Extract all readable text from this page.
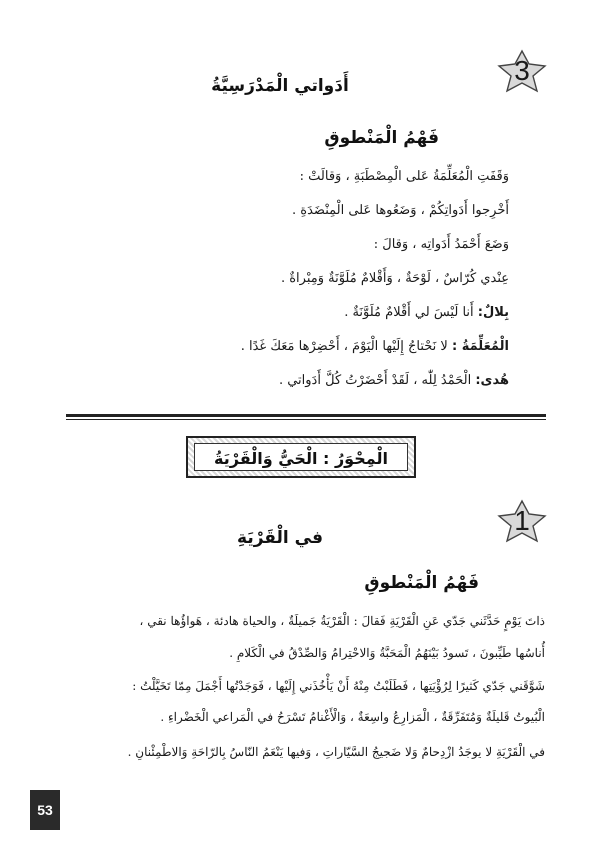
3
أَدَواتي الْمَدْرَسِيَّةُ
فَهْمُ الْمَنْطوقِ
وَقَفَتِ الْمُعَلِّمَةُ عَلى الْمِصْطَبَةِ ، وَقالَتْ :
أَخْرِجوا أَدَواتِكُمْ ، وَضَعُوها عَلى الْمِنْضَدَةِ .
وَضَعَ أَحْمَدُ أَدَواتِه ، وَقالَ :
عِنْدي كُرّاسٌ ، لَوْحَةٌ ، وَأَقْلامٌ مُلَوَّنَةٌ وَمِبْراةٌ .
بِلالٌ: أَنا لَيْسَ لي أَقْلامٌ مُلَوَّنَةٌ .
الْمُعَلِّمَةُ : لا نَحْتاجُ إِلَيْها الْيَوْمَ ، أَحْضِرْها مَعَكَ غَدًا .
هُدى: الْحَمْدُ لِلّٰه ، لَقَدْ أَحْضَرْتُ كُلَّ أَدَواتي .
الْمِحْوَرُ : الْحَيُّ وَالْقَرْيَةُ
1
في الْقَرْيَةِ
فَهْمُ الْمَنْطوقِ
ذاتَ يَوْمٍ حَدَّثَني جَدّي عَنِ الْقَرْيَةِ فَقالَ : الْقَرْيَةُ جَميلَةٌ ، والحياة هادئة ، هَواؤُها نقي ،
أُناسُها طَيِّبونَ ، تَسودُ بَيْنَهُمُ الْمَحَبَّةُ وَالاحْتِرامُ وَالصِّدْقُ في الْكَلامِ .
شَوَّقَني جَدّي كَثيرًا لِرُؤْيَتِها ، فَطَلَبْتُ مِنْهُ أَنْ يَأْخُذَني إِلَيْها ، فَوَجَدْتُها أَجْمَلَ مِمّا تَخَيَّلْتُ :
الْبُيوتُ قَليلَةٌ وَمُتَفَرِّقَةٌ ، الْمَزارِعُ واسِعَةٌ ، وَالْأَغْنامُ تَسْرَحُ في الْمَراعي الْخَضْراءِ .
في الْقَرْيَةِ لا يوجَدُ ازْدِحامٌ وَلا ضَجيجُ السَّيّاراتِ ، وَفيها يَنْعَمُ النّاسُ بِالرّاحَةِ وَالاطْمِئْنانِ .
53
